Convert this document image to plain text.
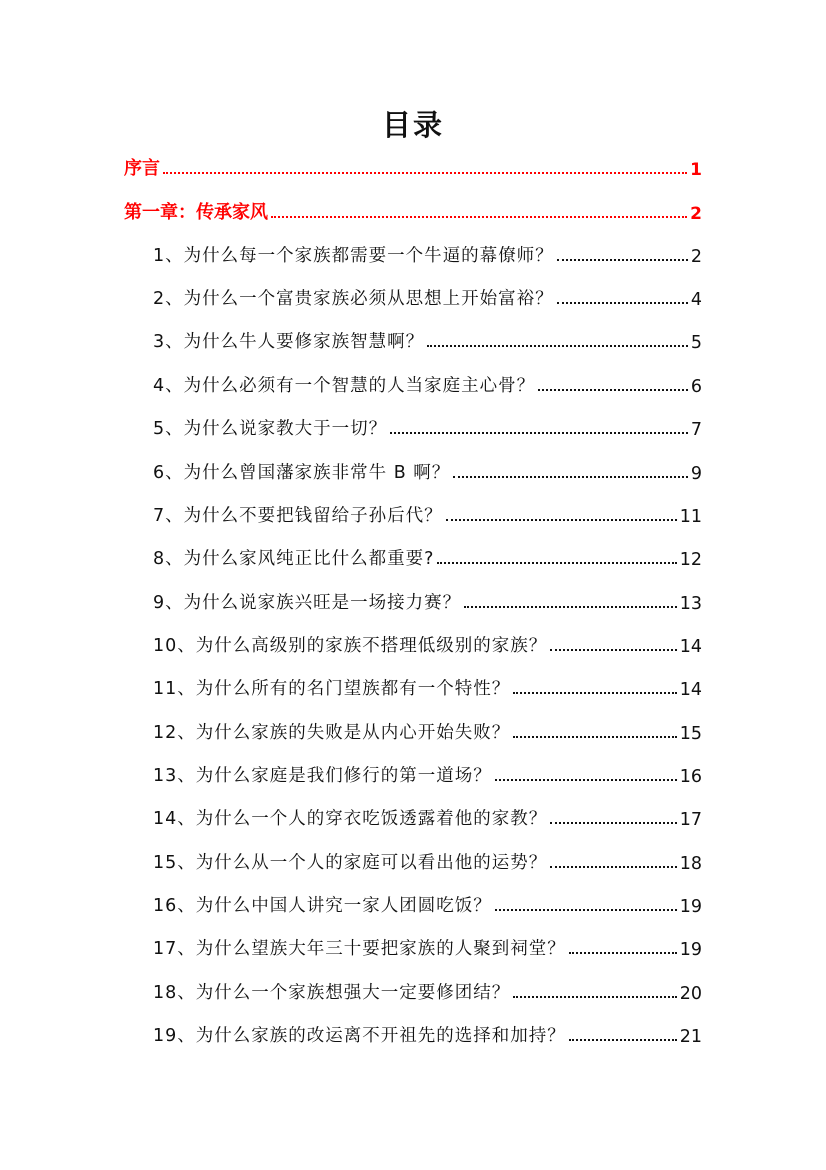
目录
序言	1
第一章：传承家风	2
1、为什么每一个家族都需要一个牛逼的幕僚师？	2
2、为什么一个富贵家族必须从思想上开始富裕？	4
3、为什么牛人要修家族智慧啊？	5
4、为什么必须有一个智慧的人当家庭主心骨？	6
5、为什么说家教大于一切？	7
6、为什么曾国藩家族非常牛 B 啊？	9
7、为什么不要把钱留给子孙后代？	11
8、为什么家风纯正比什么都重要?	12
9、为什么说家族兴旺是一场接力赛？	13
10、为什么高级别的家族不搭理低级别的家族？	14
11、为什么所有的名门望族都有一个特性？	14
12、为什么家族的失败是从内心开始失败？	15
13、为什么家庭是我们修行的第一道场？	16
14、为什么一个人的穿衣吃饭透露着他的家教？	17
15、为什么从一个人的家庭可以看出他的运势？	18
16、为什么中国人讲究一家人团圆吃饭？	19
17、为什么望族大年三十要把家族的人聚到祠堂？	19
18、为什么一个家族想强大一定要修团结？	20
19、为什么家族的改运离不开祖先的选择和加持？	21
